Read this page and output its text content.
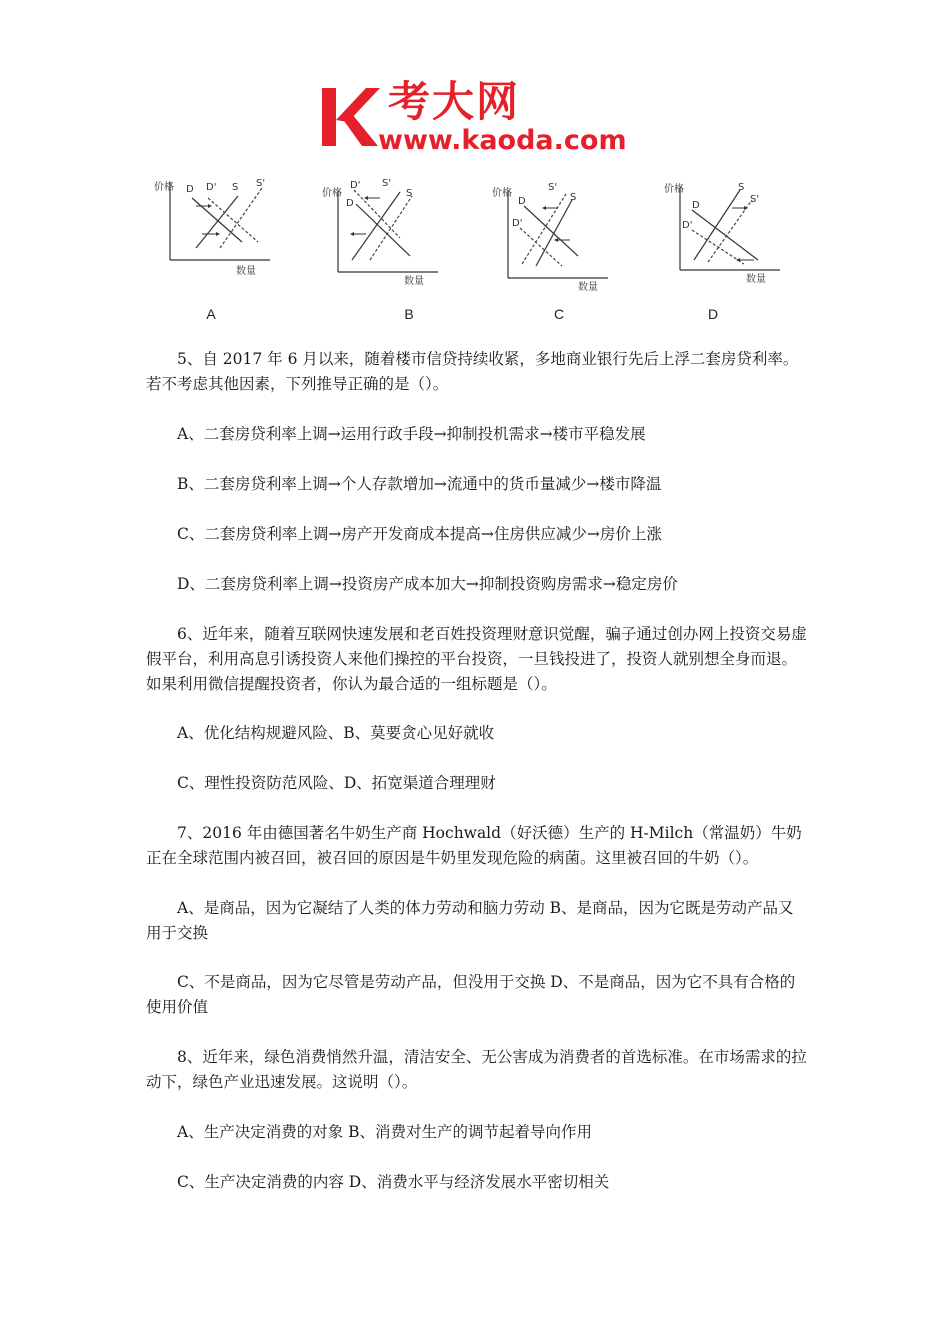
考大网
www.kaoda.com
价格
数量
D D' S S'
A
价格
数量
D'
D
S'
S
B
价格
数量
D
D'
S'
S
C
价格
数量
D
D'
S
S'
D

5、自 2017 年 6 月以来，随着楼市信贷持续收紧，多地商业银行先后上浮二套房贷利率。若不考虑其他因素，下列推导正确的是（）。

A、二套房贷利率上调→运用行政手段→抑制投机需求→楼市平稳发展

B、二套房贷利率上调→个人存款增加→流通中的货币量减少→楼市降温

C、二套房贷利率上调→房产开发商成本提高→住房供应减少→房价上涨

D、二套房贷利率上调→投资房产成本加大→抑制投资购房需求→稳定房价

6、近年来，随着互联网快速发展和老百姓投资理财意识觉醒，骗子通过创办网上投资交易虚假平台，利用高息引诱投资人来他们操控的平台投资，一旦钱投进了，投资人就别想全身而退。如果利用微信提醒投资者，你认为最合适的一组标题是（）。

A、优化结构规避风险、B、莫要贪心见好就收

C、理性投资防范风险、D、拓宽渠道合理理财

7、2016 年由德国著名牛奶生产商 Hochwald（好沃德）生产的 H-Milch（常温奶）牛奶正在全球范围内被召回，被召回的原因是牛奶里发现危险的病菌。这里被召回的牛奶（）。

A、是商品，因为它凝结了人类的体力劳动和脑力劳动 B、是商品，因为它既是劳动产品又用于交换

C、不是商品，因为它尽管是劳动产品，但没用于交换 D、不是商品，因为它不具有合格的使用价值

8、近年来，绿色消费悄然升温，清洁安全、无公害成为消费者的首选标准。在市场需求的拉动下，绿色产业迅速发展。这说明（）。

A、生产决定消费的对象 B、消费对生产的调节起着导向作用

C、生产决定消费的内容 D、消费水平与经济发展水平密切相关
